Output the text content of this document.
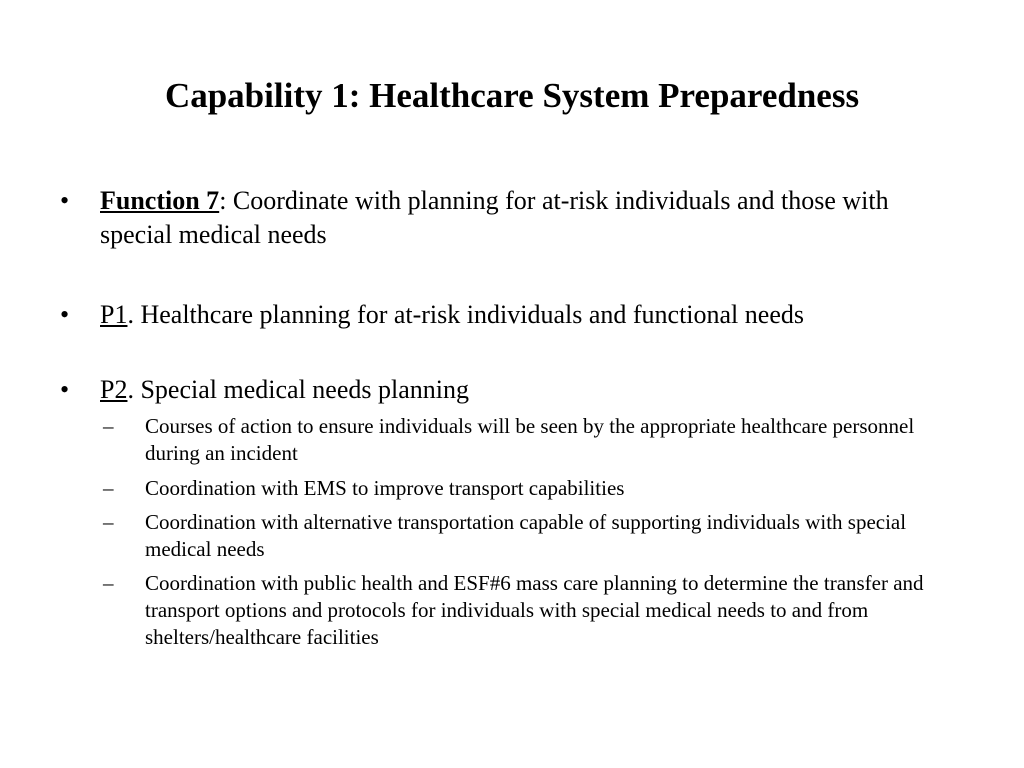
Capability 1: Healthcare System Preparedness
• Function 7: Coordinate with planning for at-risk individuals and those with special medical needs
• P1. Healthcare planning for at-risk individuals and functional needs
• P2. Special medical needs planning
– Courses of action to ensure individuals will be seen by the appropriate healthcare personnel during an incident
– Coordination with EMS to improve transport capabilities
– Coordination with alternative transportation capable of supporting individuals with special medical needs
– Coordination with public health and ESF#6 mass care planning to determine the transfer and transport options and protocols for individuals with special medical needs to and from shelters/healthcare facilities
